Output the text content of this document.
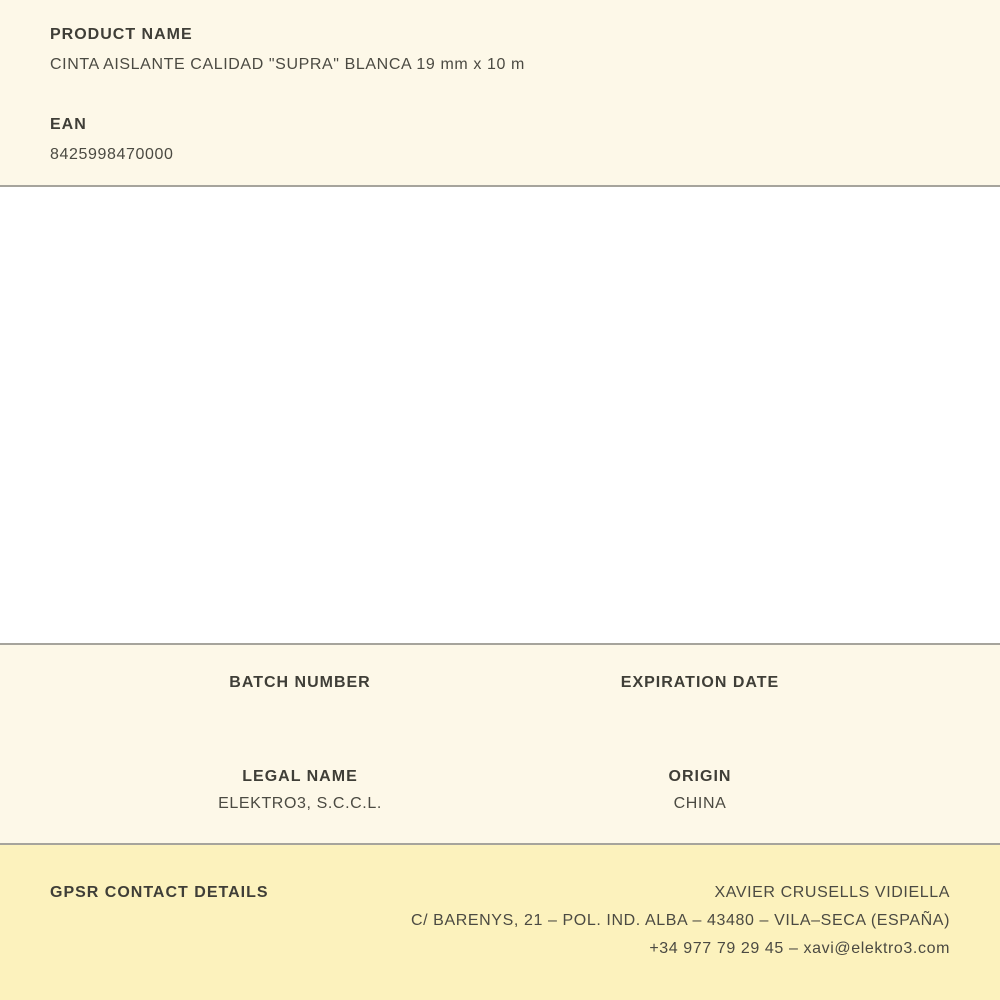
PRODUCT NAME
CINTA AISLANTE CALIDAD "SUPRA" BLANCA 19 mm x 10 m
EAN
8425998470000
BATCH NUMBER	EXPIRATION DATE
LEGAL NAME
ELEKTRO3, S.C.C.L.
ORIGIN
CHINA
GPSR CONTACT DETAILS	XAVIER CRUSELLS VIDIELLA
C/ BARENYS, 21 – POL. IND. ALBA – 43480 – VILA–SECA (ESPAÑA)
+34 977 79 29 45 – xavi@elektro3.com
